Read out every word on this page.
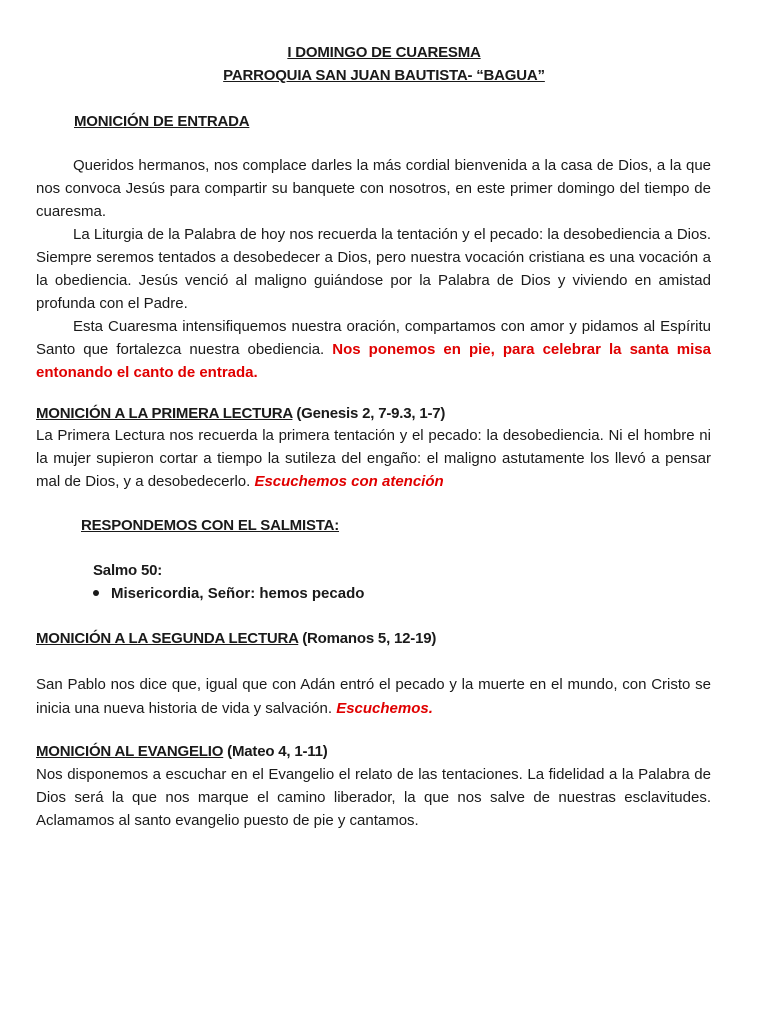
I DOMINGO DE CUARESMA
PARROQUIA SAN JUAN BAUTISTA- “BAGUA”
MONICIÓN DE ENTRADA
Queridos hermanos, nos complace darles la más cordial bienvenida a la casa de Dios, a la que nos convoca Jesús para compartir su banquete con nosotros, en este primer domingo del tiempo de cuaresma.
La Liturgia de la Palabra de hoy nos recuerda la tentación y el pecado: la desobediencia a Dios. Siempre seremos tentados a desobedecer a Dios, pero nuestra vocación cristiana es una vocación a la obediencia. Jesús venció al maligno guiándose por la Palabra de Dios y viviendo en amistad profunda con el Padre.
Esta Cuaresma intensifiquemos nuestra oración, compartamos con amor y pidamos al Espíritu Santo que fortalezca nuestra obediencia. Nos ponemos en pie, para celebrar la santa misa entonando el canto de entrada.
MONICIÓN A LA PRIMERA LECTURA (Genesis 2, 7-9.3, 1-7)
La Primera Lectura nos recuerda la primera tentación y el pecado: la desobediencia. Ni el hombre ni la mujer supieron cortar a tiempo la sutileza del engaño: el maligno astutamente los llevó a pensar mal de Dios, y a desobedecerlo. Escuchemos con atención
RESPONDEMOS CON EL SALMISTA:
Salmo 50:
Misericordia, Señor: hemos pecado
MONICIÓN A LA SEGUNDA LECTURA (Romanos 5, 12-19)
San Pablo nos dice que, igual que con Adán entró el pecado y la muerte en el mundo, con Cristo se inicia una nueva historia de vida y salvación. Escuchemos.
MONICIÓN AL EVANGELIO (Mateo 4, 1-11)
Nos disponemos a escuchar en el Evangelio el relato de las tentaciones. La fidelidad a la Palabra de Dios será la que nos marque el camino liberador, la que nos salve de nuestras esclavitudes. Aclamamos al santo evangelio puesto de pie y cantamos.
